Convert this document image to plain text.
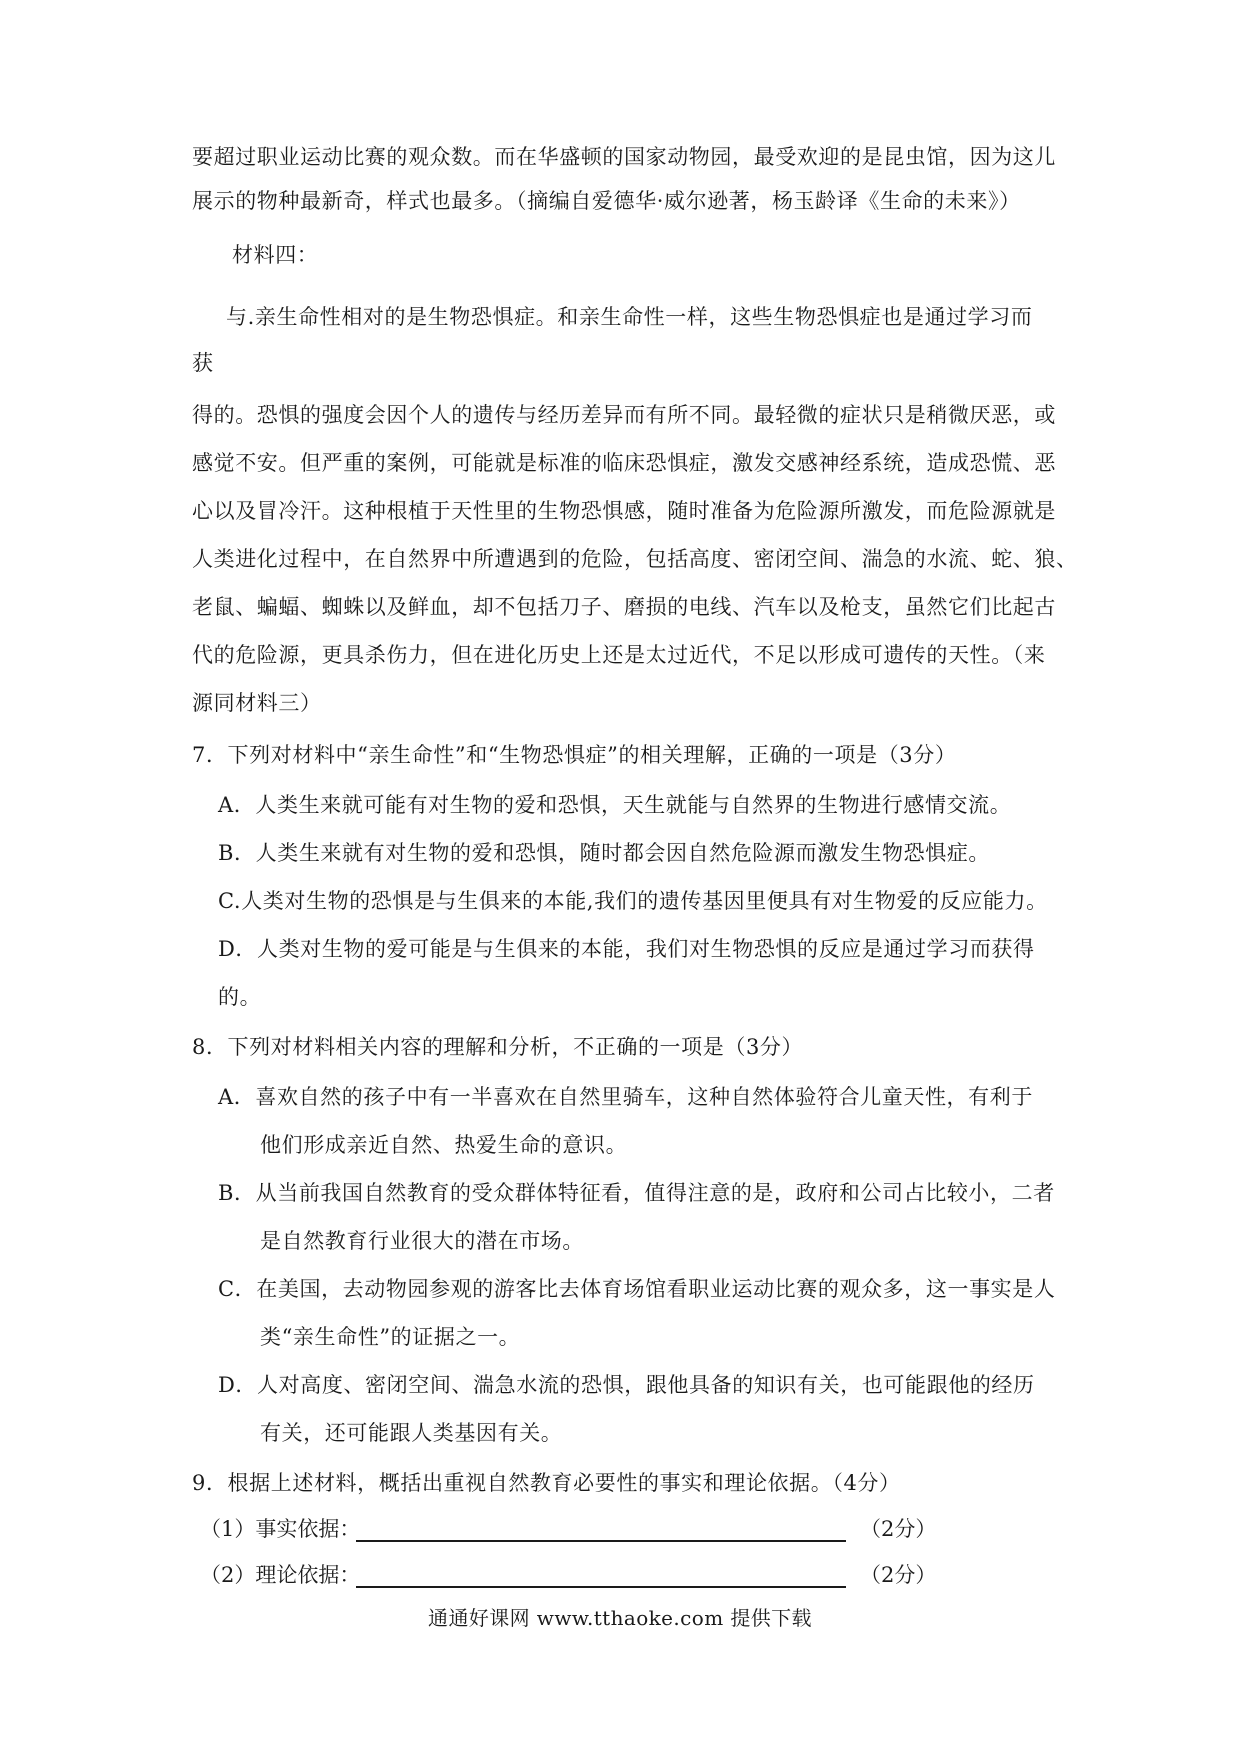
要超过职业运动比赛的观众数。而在华盛顿的国家动物园，最受欢迎的是昆虫馆，因为这儿
展示的物种最新奇，样式也最多。（摘编自爱德华·威尔逊著，杨玉龄译《生命的未来》）
材料四：
与.亲生命性相对的是生物恐惧症。和亲生命性一样，这些生物恐惧症也是通过学习而
获
得的。恐惧的强度会因个人的遗传与经历差异而有所不同。最轻微的症状只是稍微厌恶，或
感觉不安。但严重的案例，可能就是标准的临床恐惧症，激发交感神经系统，造成恐慌、恶
心以及冒冷汗。这种根植于天性里的生物恐惧感，随时准备为危险源所激发，而危险源就是
人类进化过程中，在自然界中所遭遇到的危险，包括高度、密闭空间、湍急的水流、蛇、狼、
老鼠、蝙蝠、蜘蛛以及鲜血，却不包括刀子、磨损的电线、汽车以及枪支，虽然它们比起古
代的危险源，更具杀伤力，但在进化历史上还是太过近代，不足以形成可遗传的天性。（来
源同材料三）
7．下列对材料中“亲生命性”和“生物恐惧症”的相关理解，正确的一项是（3分）
A．人类生来就可能有对生物的爱和恐惧，天生就能与自然界的生物进行感情交流。
B．人类生来就有对生物的爱和恐惧，随时都会因自然危险源而激发生物恐惧症。
C.人类对生物的恐惧是与生俱来的本能,我们的遗传基因里便具有对生物爱的反应能力。
D．人类对生物的爱可能是与生俱来的本能，我们对生物恐惧的反应是通过学习而获得
的。
8．下列对材料相关内容的理解和分析，不正确的一项是（3分）
A．喜欢自然的孩子中有一半喜欢在自然里骑车，这种自然体验符合儿童天性，有利于
他们形成亲近自然、热爱生命的意识。
B．从当前我国自然教育的受众群体特征看，值得注意的是，政府和公司占比较小，二者
是自然教育行业很大的潜在市场。
C．在美国，去动物园参观的游客比去体育场馆看职业运动比赛的观众多，这一事实是人
类“亲生命性”的证据之一。
D．人对高度、密闭空间、湍急水流的恐惧，跟他具备的知识有关，也可能跟他的经历
有关，还可能跟人类基因有关。
9．根据上述材料，概括出重视自然教育必要性的事实和理论依据。（4分）
（1）事实依据：	（2分）
（2）理论依据：	（2分）
通通好课网 www.tthaoke.com 提供下载
